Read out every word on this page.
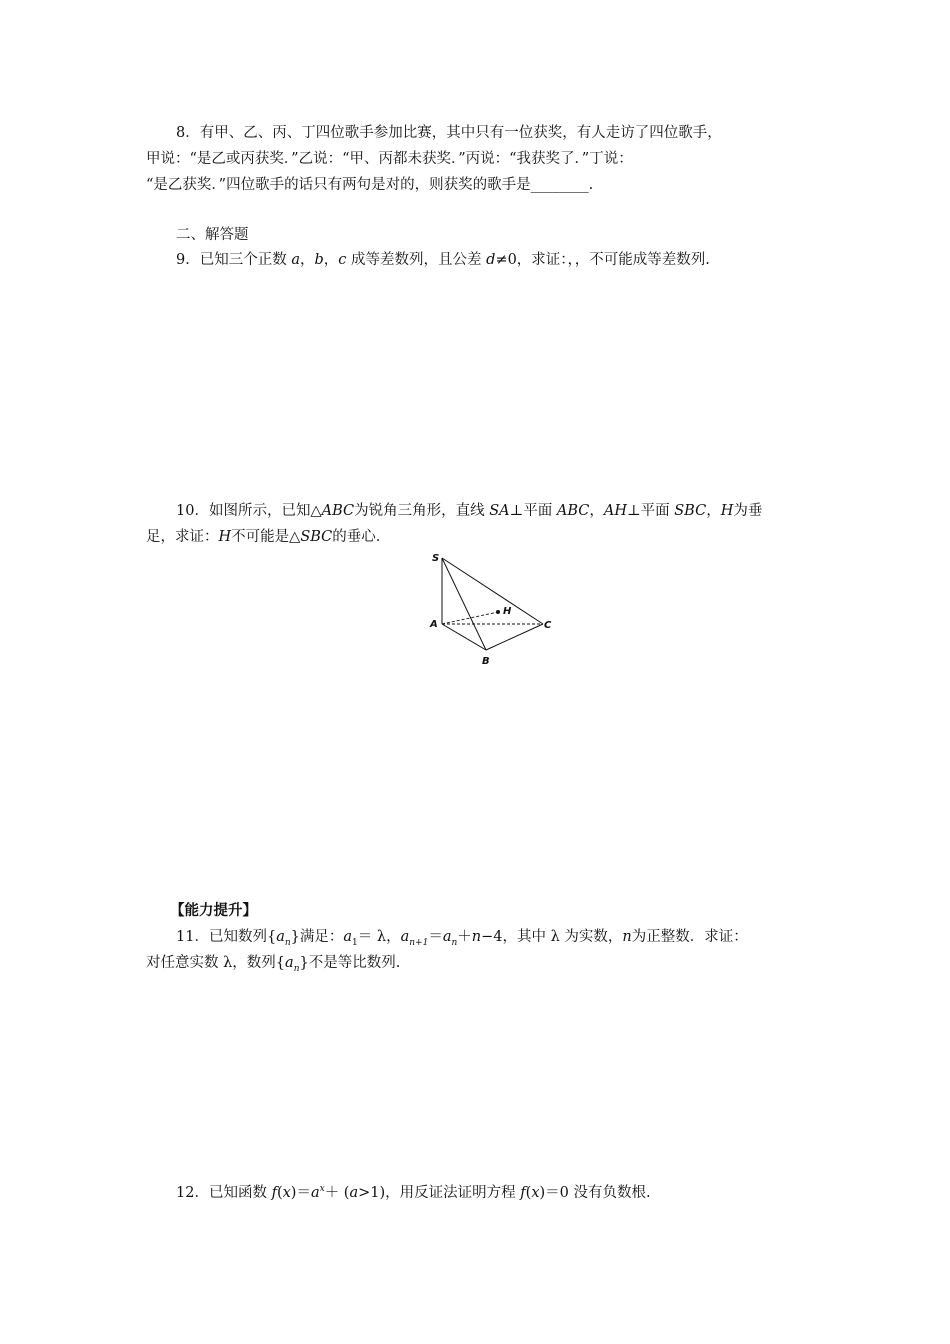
8．有甲、乙、丙、丁四位歌手参加比赛，其中只有一位获奖，有人走访了四位歌手，
甲说：“是乙或丙获奖．”乙说：“甲、丙都未获奖．”丙说：“我获奖了．”丁说：
“是乙获奖．”四位歌手的话只有两句是对的，则获奖的歌手是________.
二、解答题
9．已知三个正数 a，b，c 成等差数列，且公差 d≠0，求证：，，不可能成等差数列.
10．如图所示，已知△ABC为锐角三角形，直线 SA⊥平面 ABC，AH⊥平面 SBC，H为垂
足，求证：H不可能是△SBC的垂心.
S
A
B
C
H
【能力提升】
11．已知数列$\{a_n\}$满足：$a_1= \lambda$，$a_{n+1}=a_n+n-4$，其中 λ 为实数，n为正整数．求证：
对任意实数 λ，数列$\{a_n\}$不是等比数列.
12．已知函数 $f(x)=a^x+ (a>1)$，用反证法证明方程 f(x)＝0 没有负数根.
